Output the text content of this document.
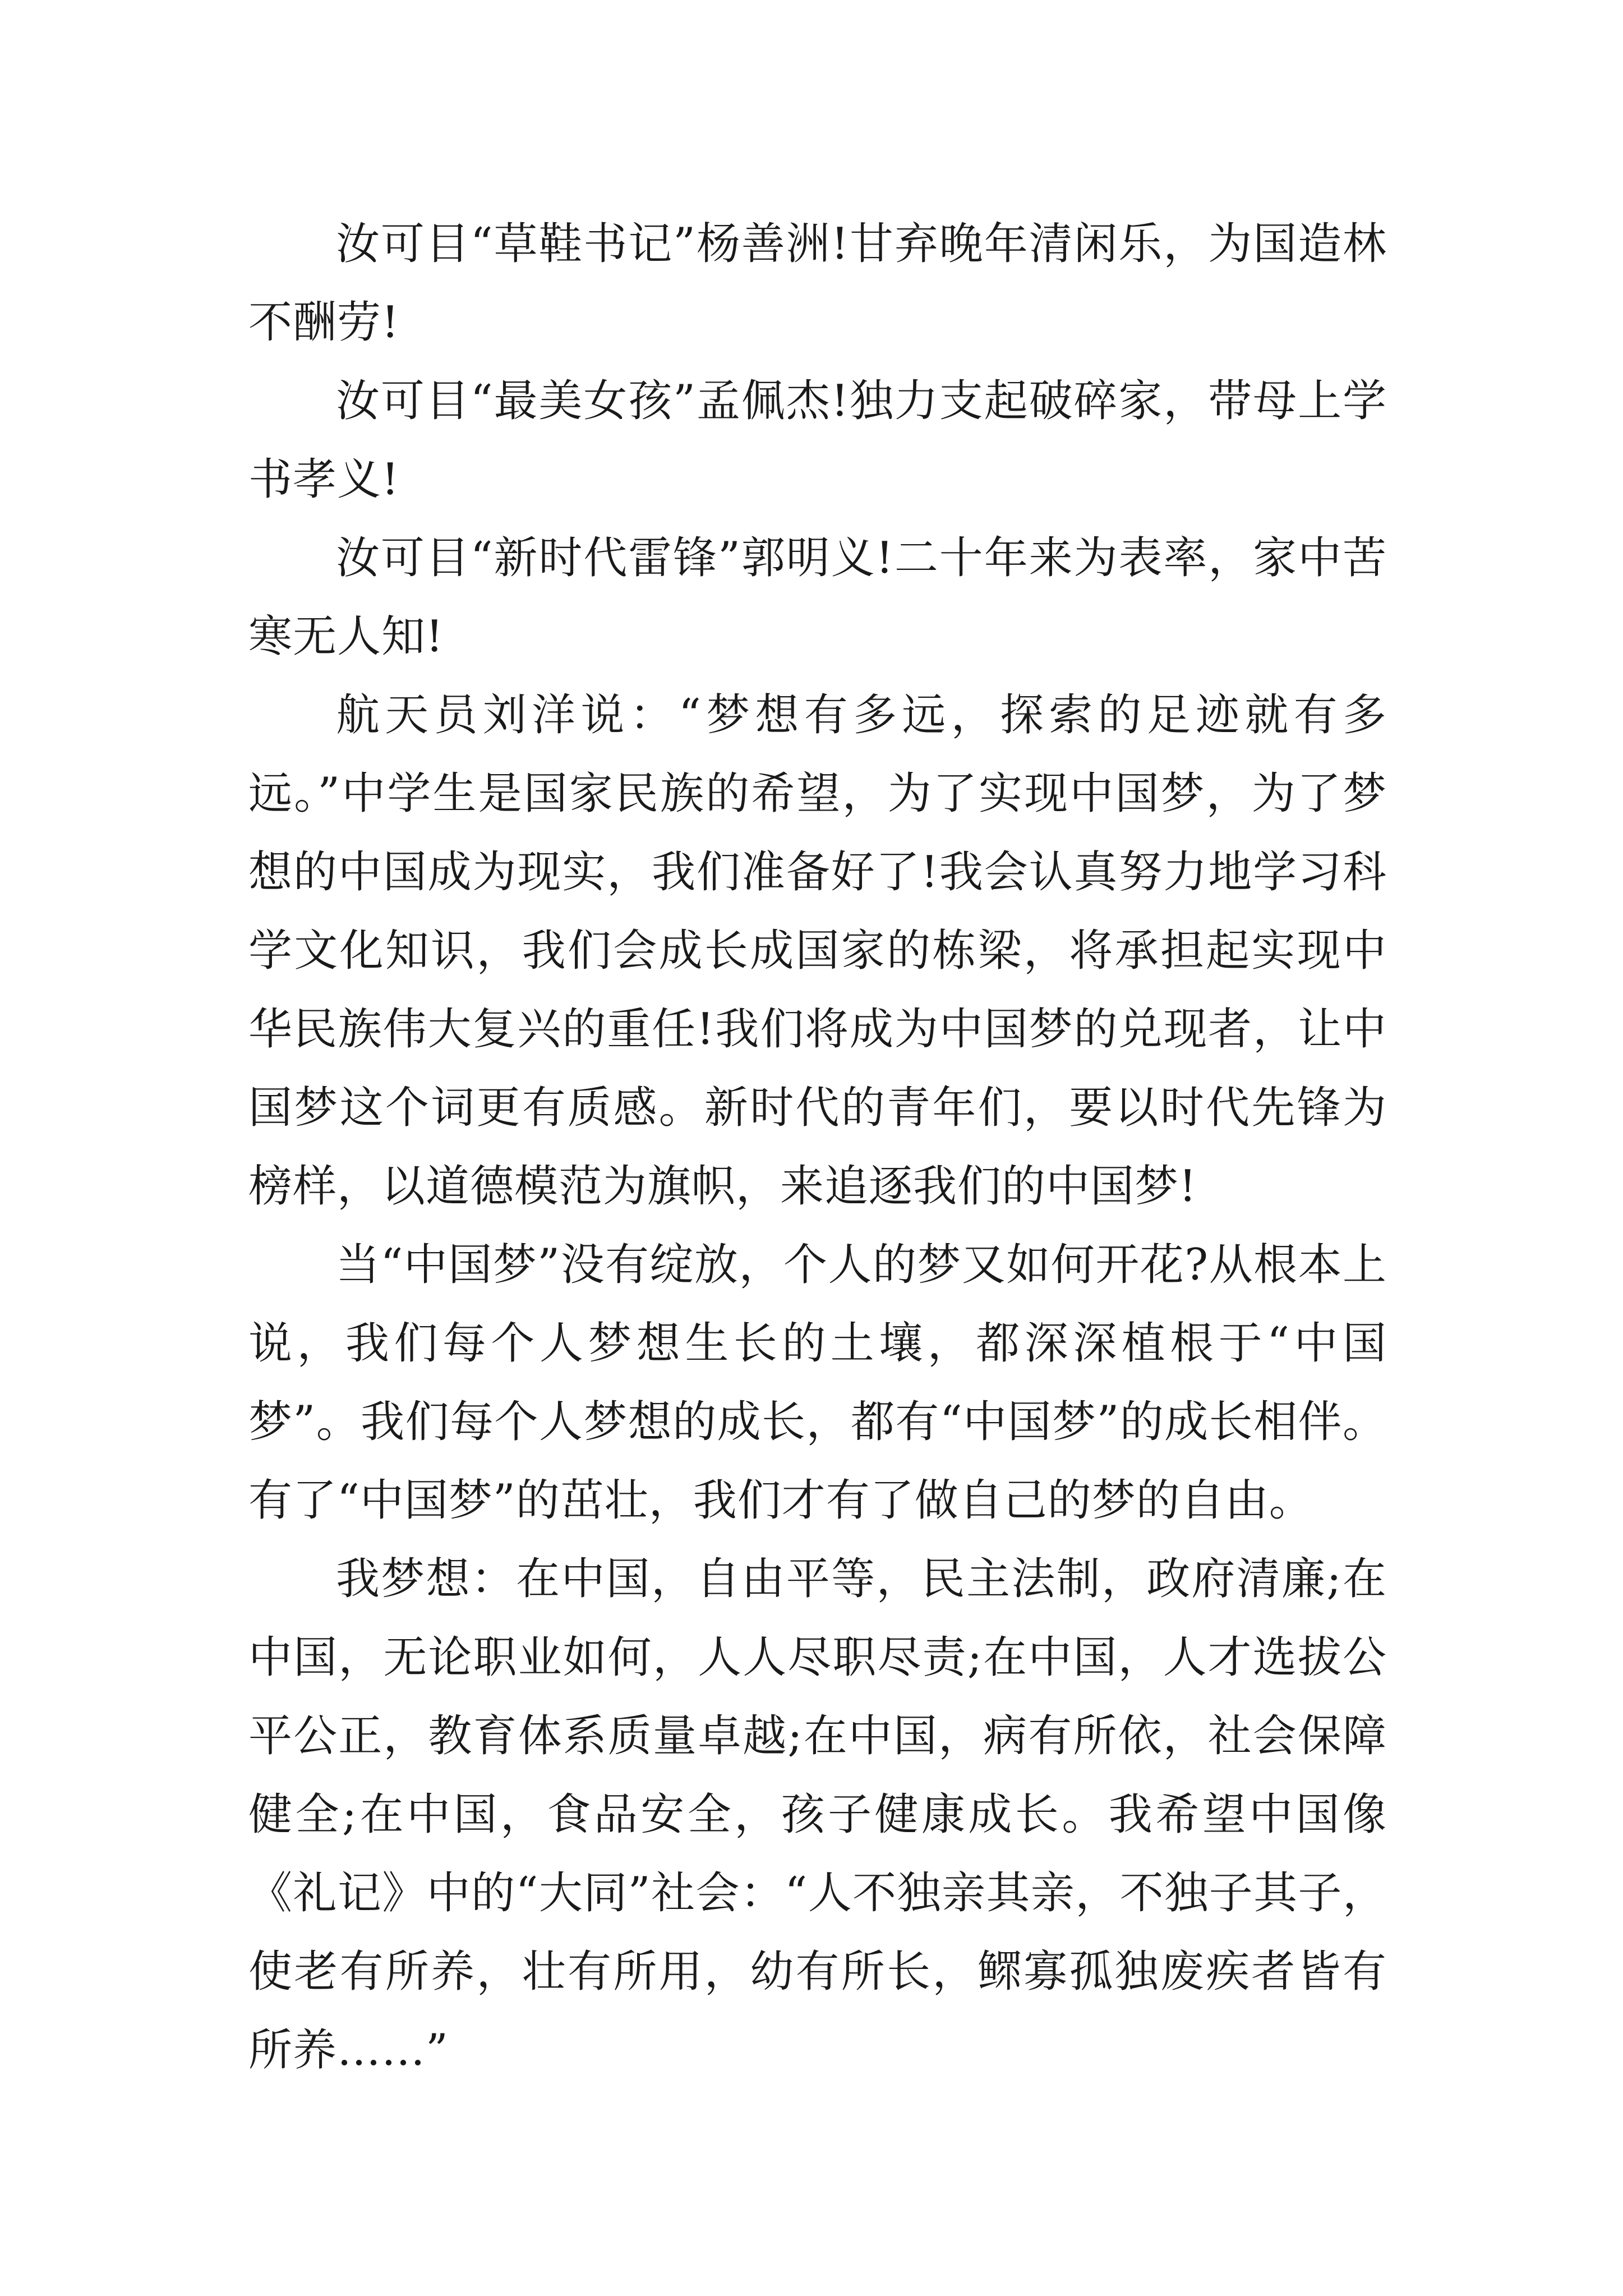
汝可目“草鞋书记”杨善洲!甘弃晚年清闲乐，为国造林不酬劳!

汝可目“最美女孩”孟佩杰!独力支起破碎家，带母上学书孝义!

汝可目“新时代雷锋”郭明义!二十年来为表率，家中苦寒无人知!

航天员刘洋说：“梦想有多远，探索的足迹就有多远。”中学生是国家民族的希望，为了实现中国梦，为了梦想的中国成为现实，我们准备好了!我会认真努力地学习科学文化知识，我们会成长成国家的栋梁，将承担起实现中华民族伟大复兴的重任!我们将成为中国梦的兑现者，让中国梦这个词更有质感。新时代的青年们，要以时代先锋为榜样，以道德模范为旗帜，来追逐我们的中国梦!

当“中国梦”没有绽放，个人的梦又如何开花?从根本上说，我们每个人梦想生长的土壤，都深深植根于“中国梦”。我们每个人梦想的成长，都有“中国梦”的成长相伴。有了“中国梦”的茁壮，我们才有了做自己的梦的自由。

我梦想：在中国，自由平等，民主法制，政府清廉;在中国，无论职业如何，人人尽职尽责;在中国，人才选拔公平公正，教育体系质量卓越;在中国，病有所依，社会保障健全;在中国，食品安全，孩子健康成长。我希望中国像《礼记》中的“大同”社会：“人不独亲其亲，不独子其子，使老有所养，壮有所用，幼有所长，鳏寡孤独废疾者皆有所养……”
